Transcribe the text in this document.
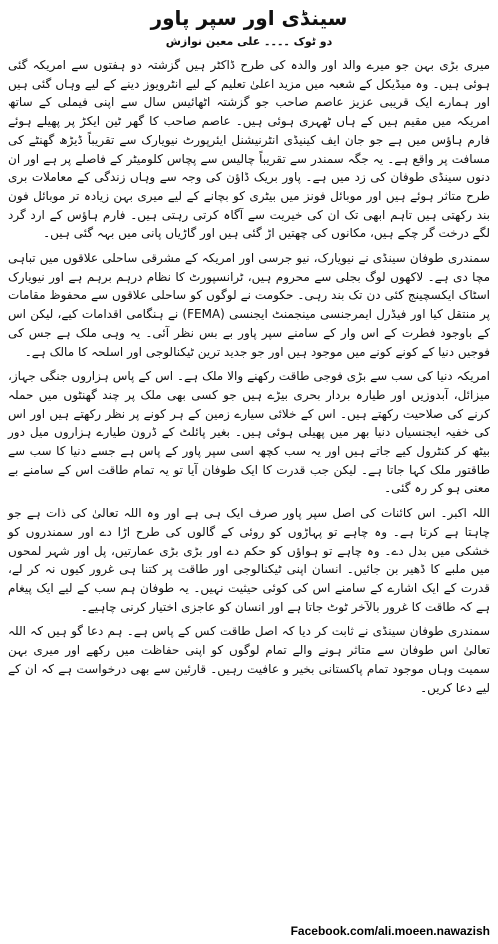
سینڈی اور سپر پاور
دو ٹوک ۔۔۔۔ علی معین نوازش

میری بڑی بہن جو میرے والد اور والدہ کی طرح ڈاکٹر ہیں گزشتہ دو ہفتوں سے امریکہ گئی ہوئی ہیں۔ وہ میڈیکل کے شعبہ میں مزید اعلیٰ تعلیم کے لیے انٹرویوز دینے کے لیے وہاں گئی ہیں اور ہمارے ایک قریبی عزیز عاصم صاحب جو گزشتہ اٹھائیس سال سے اپنی فیملی کے ساتھ امریکہ میں مقیم ہیں کے ہاں ٹھہری ہوئی ہیں۔ عاصم صاحب کا گھر ٹین ایکڑ پر پھیلے ہوئے فارم ہاؤس میں ہے جو جان ایف کینیڈی انٹرنیشنل ایئرپورٹ نیویارک سے تقریباً ڈیڑھ گھنٹے کی مسافت پر واقع ہے۔ یہ جگہ سمندر سے تقریباً چالیس سے پچاس کلومیٹر کے فاصلے پر ہے اور ان دنوں سینڈی طوفان کی زد میں ہے۔ پاور بریک ڈاؤن کی وجہ سے وہاں زندگی کے معاملات بری طرح متاثر ہوئے ہیں اور موبائل فونز میں بیٹری کو بچانے کے لیے میری بہن زیادہ تر موبائل فون بند رکھتی ہیں تاہم ابھی تک ان کی خیریت سے آگاہ کرتی رہتی ہیں۔ فارم ہاؤس کے ارد گرد لگے درخت گر چکے ہیں، مکانوں کی چھتیں اڑ گئی ہیں اور گاڑیاں پانی میں بہہ گئی ہیں۔

سمندری طوفان سینڈی نے نیویارک، نیو جرسی اور امریکہ کے مشرقی ساحلی علاقوں میں تباہی مچا دی ہے۔ لاکھوں لوگ بجلی سے محروم ہیں، ٹرانسپورٹ کا نظام درہم برہم ہے اور نیویارک اسٹاک ایکسچینج کئی دن تک بند رہی۔ حکومت نے لوگوں کو ساحلی علاقوں سے محفوظ مقامات پر منتقل کیا اور فیڈرل ایمرجنسی مینجمنٹ ایجنسی (FEMA) نے ہنگامی اقدامات کیے، لیکن اس کے باوجود فطرت کے اس وار کے سامنے سپر پاور بے بس نظر آئی۔ یہ وہی ملک ہے جس کی فوجیں دنیا کے کونے کونے میں موجود ہیں اور جو جدید ترین ٹیکنالوجی اور اسلحہ کا مالک ہے۔

امریکہ دنیا کی سب سے بڑی فوجی طاقت رکھنے والا ملک ہے۔ اس کے پاس ہزاروں جنگی جہاز، میزائل، آبدوزیں اور طیارہ بردار بحری بیڑے ہیں جو کسی بھی ملک پر چند گھنٹوں میں حملہ کرنے کی صلاحیت رکھتے ہیں۔ اس کے خلائی سیارے زمین کے ہر کونے پر نظر رکھتے ہیں اور اس کی خفیہ ایجنسیاں دنیا بھر میں پھیلی ہوئی ہیں۔ بغیر پائلٹ کے ڈرون طیارے ہزاروں میل دور بیٹھ کر کنٹرول کیے جاتے ہیں اور یہ سب کچھ اسی سپر پاور کے پاس ہے جسے دنیا کا سب سے طاقتور ملک کہا جاتا ہے۔ لیکن جب قدرت کا ایک طوفان آیا تو یہ تمام طاقت اس کے سامنے بے معنی ہو کر رہ گئی۔

اللہ اکبر۔ اس کائنات کی اصل سپر پاور صرف ایک ہی ہے اور وہ اللہ تعالیٰ کی ذات ہے جو چاہتا ہے کرتا ہے۔ وہ چاہے تو پہاڑوں کو روئی کے گالوں کی طرح اڑا دے اور سمندروں کو خشکی میں بدل دے۔ وہ چاہے تو ہواؤں کو حکم دے اور بڑی بڑی عمارتیں، پل اور شہر لمحوں میں ملبے کا ڈھیر بن جائیں۔ انسان اپنی ٹیکنالوجی اور طاقت پر کتنا ہی غرور کیوں نہ کر لے، قدرت کے ایک اشارے کے سامنے اس کی کوئی حیثیت نہیں۔ یہ طوفان ہم سب کے لیے ایک پیغام ہے کہ طاقت کا غرور بالآخر ٹوٹ جاتا ہے اور انسان کو عاجزی اختیار کرنی چاہیے۔

سمندری طوفان سینڈی نے ثابت کر دیا کہ اصل طاقت کس کے پاس ہے۔ ہم دعا گو ہیں کہ اللہ تعالیٰ اس طوفان سے متاثر ہونے والے تمام لوگوں کو اپنی حفاظت میں رکھے اور میری بہن سمیت وہاں موجود تمام پاکستانی بخیر و عافیت رہیں۔ قارئین سے بھی درخواست ہے کہ ان کے لیے دعا کریں۔

Facebook.com/ali.moeen.nawazish
